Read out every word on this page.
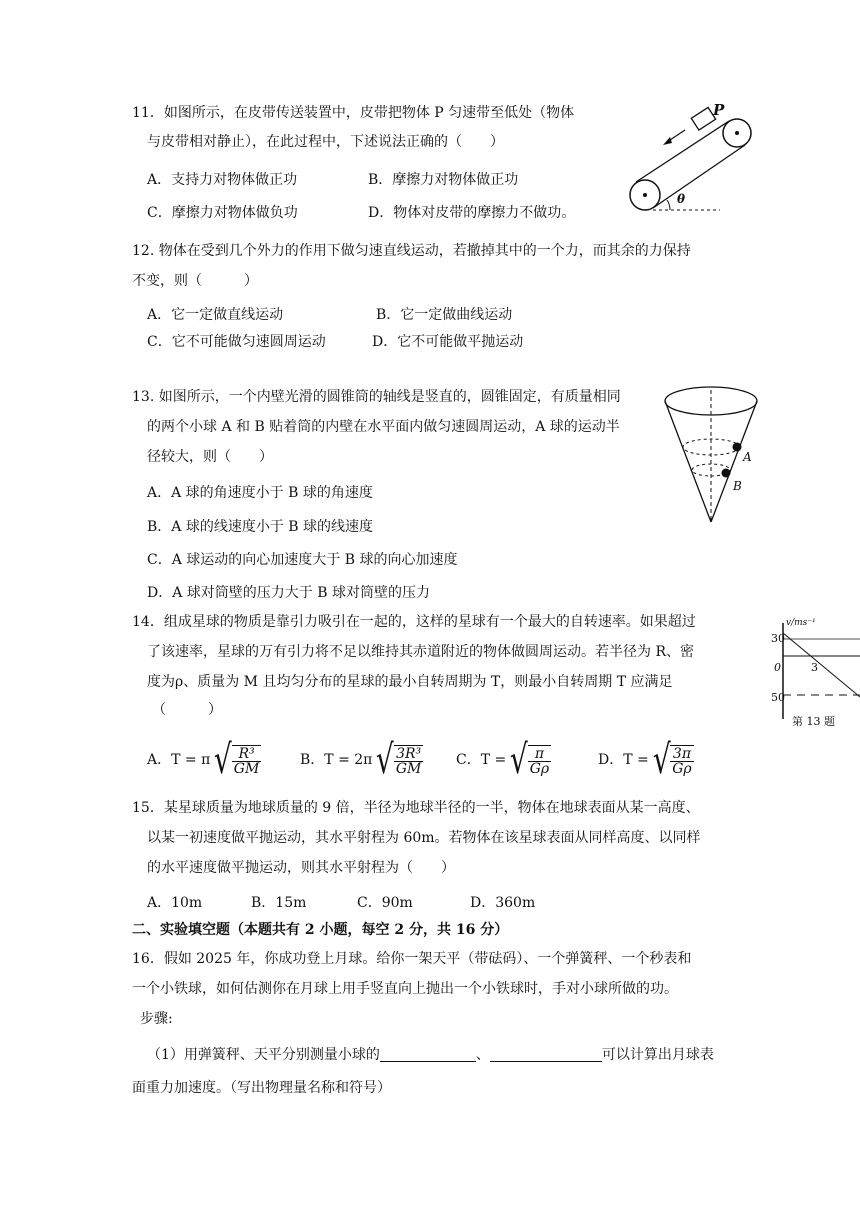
11．如图所示，在皮带传送装置中，皮带把物体 P 匀速带至低处（物体
与皮带相对静止），在此过程中，下述说法正确的（　　）
A．支持力对物体做正功	B．摩擦力对物体做正功
C．摩擦力对物体做负功	D．物体对皮带的摩擦力不做功。
P
θ
12. 物体在受到几个外力的作用下做匀速直线运动，若撤掉其中的一个力，而其余的力保持
不变，则（　　　）
A．它一定做直线运动	B．它一定做曲线运动
C．它不可能做匀速圆周运动	D．它不可能做平抛运动
13. 如图所示，一个内壁光滑的圆锥筒的轴线是竖直的，圆锥固定，有质量相同
的两个小球 A 和 B 贴着筒的内壁在水平面内做匀速圆周运动，A 球的运动半
径较大，则（　　）
A．A 球的角速度小于 B 球的角速度
B．A 球的线速度小于 B 球的线速度
C．A 球运动的向心加速度大于 B 球的向心加速度
D．A 球对筒壁的压力大于 B 球对筒壁的压力
A
B
v/ms⁻¹
30
0	3
50
第 13 题
14．组成星球的物质是靠引力吸引在一起的，这样的星球有一个最大的自转速率。如果超过
了该速率，星球的万有引力将不足以维持其赤道附近的物体做圆周运动。若半径为 R、密
度为ρ、质量为 M 且均匀分布的星球的最小自转周期为 T，则最小自转周期 T 应满足
（　　　）
A．T = π √ $\frac{\text{R³}}{GM}$	B．T = 2π √ $\frac{\text{3R³}}{GM}$ C．T = √ $\frac{\pi}{G\rho}$	D．T = √ $\frac{3\pi}{G\rho}$
15．某星球质量为地球质量的 9 倍，半径为地球半径的一半，物体在地球表面从某一高度、
以某一初速度做平抛运动，其水平射程为 60m。若物体在该星球表面从同样高度、以同样
的水平速度做平抛运动，则其水平射程为（　　）
A．10m	B．15m	C．90m	D．360m
二、实验填空题（本题共有 2 小题，每空 2 分，共 16 分）
16．假如 2025 年，你成功登上月球。给你一架天平（带砝码）、一个弹簧秤、一个秒表和
一个小铁球，如何估测你在月球上用手竖直向上抛出一个小铁球时，手对小球所做的功。
步骤:
（1）用弹簧秤、天平分别测量小球的	、	可以计算出月球表
面重力加速度。（写出物理量名称和符号）
